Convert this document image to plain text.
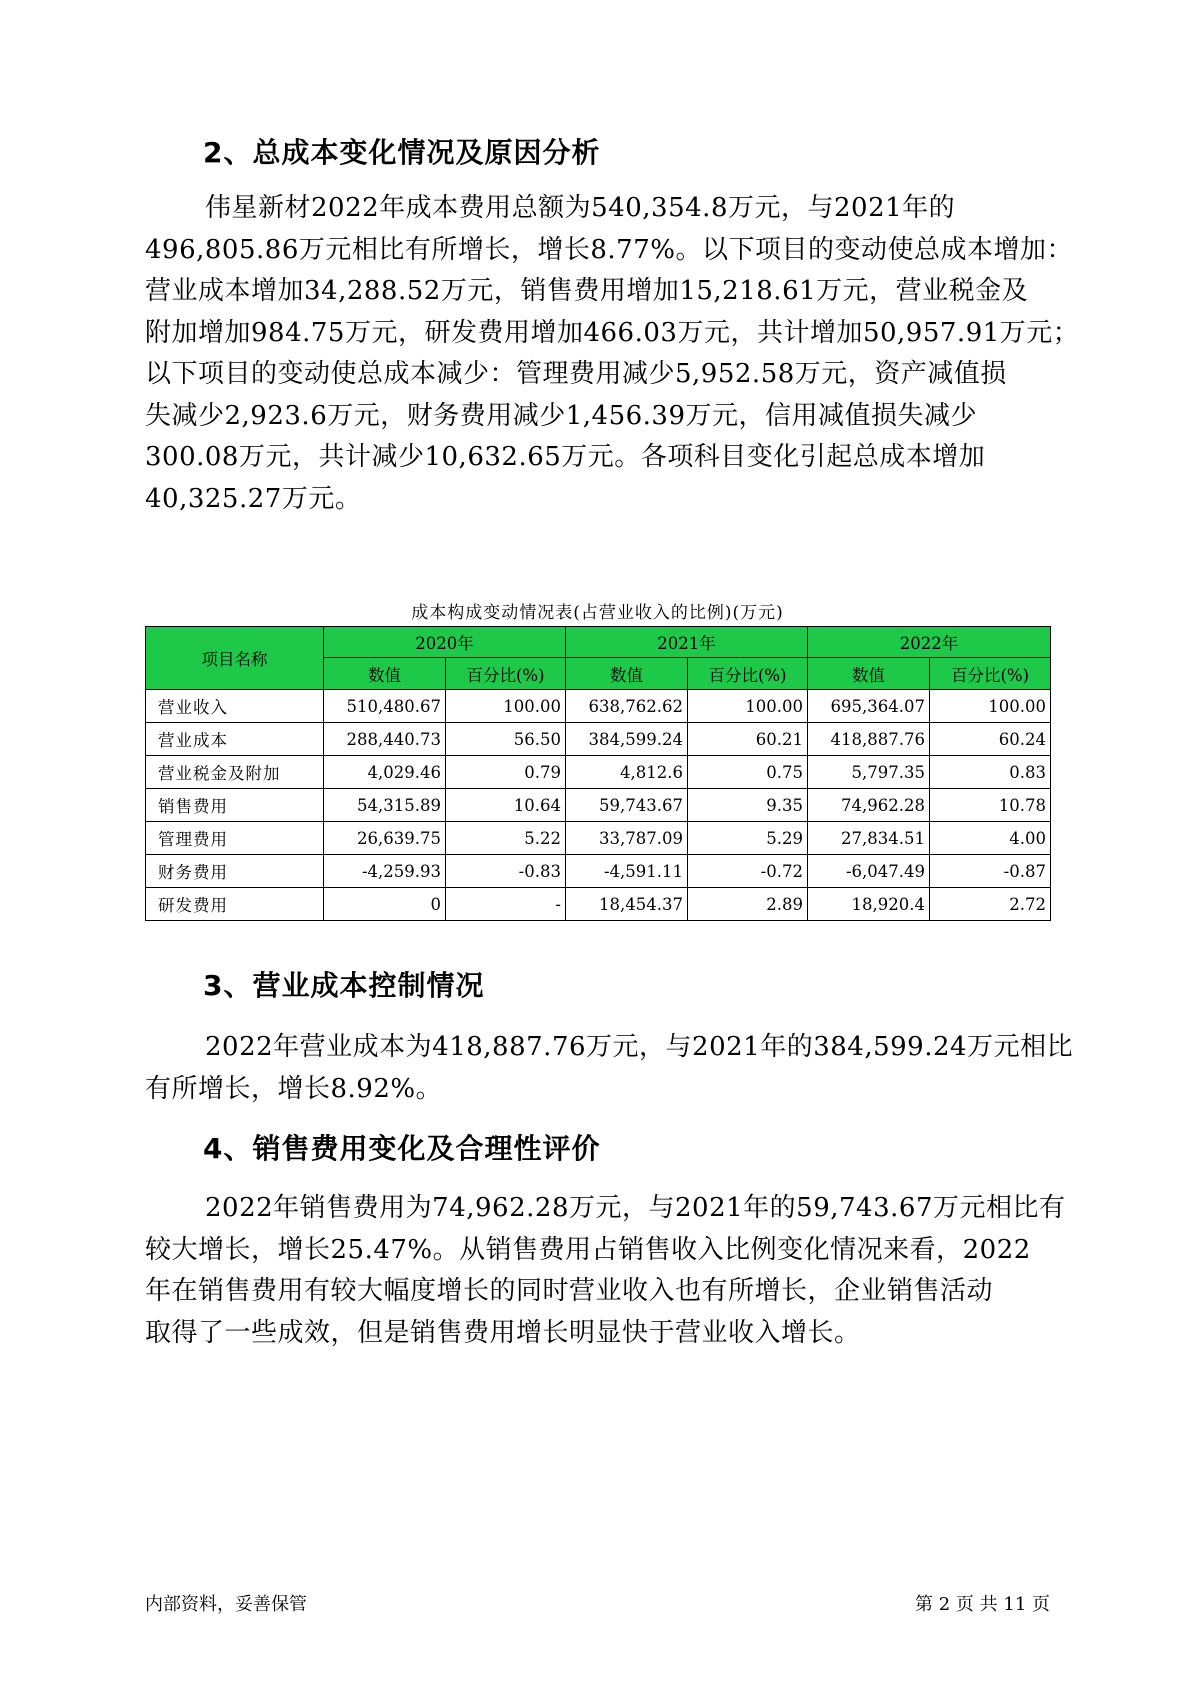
2、总成本变化情况及原因分析
伟星新材2022年成本费用总额为540,354.8万元，与2021年的
496,805.86万元相比有所增长，增长8.77%。以下项目的变动使总成本增加：
营业成本增加34,288.52万元，销售费用增加15,218.61万元，营业税金及
附加增加984.75万元，研发费用增加466.03万元，共计增加50,957.91万元；
以下项目的变动使总成本减少：管理费用减少5,952.58万元，资产减值损
失减少2,923.6万元，财务费用减少1,456.39万元，信用减值损失减少
300.08万元，共计减少10,632.65万元。各项科目变化引起总成本增加
40,325.27万元。
成本构成变动情况表(占营业收入的比例)(万元)
项目名称	2020年		2021年		2022年	
	数值	百分比(%)	数值	百分比(%)	数值	百分比(%)
营业收入	510,480.67	100.00	638,762.62	100.00	695,364.07	100.00
营业成本	288,440.73	56.50	384,599.24	60.21	418,887.76	60.24
营业税金及附加	4,029.46	0.79	4,812.6	0.75	5,797.35	0.83
销售费用	54,315.89	10.64	59,743.67	9.35	74,962.28	10.78
管理费用	26,639.75	5.22	33,787.09	5.29	27,834.51	4.00
财务费用	-4,259.93	-0.83	-4,591.11	-0.72	-6,047.49	-0.87
研发费用	0	-	18,454.37	2.89	18,920.4	2.72
3、营业成本控制情况
2022年营业成本为418,887.76万元，与2021年的384,599.24万元相比
有所增长，增长8.92%。
4、销售费用变化及合理性评价
2022年销售费用为74,962.28万元，与2021年的59,743.67万元相比有
较大增长，增长25.47%。从销售费用占销售收入比例变化情况来看，2022
年在销售费用有较大幅度增长的同时营业收入也有所增长，企业销售活动
取得了一些成效，但是销售费用增长明显快于营业收入增长。
内部资料，妥善保管	第 2 页 共 11 页
